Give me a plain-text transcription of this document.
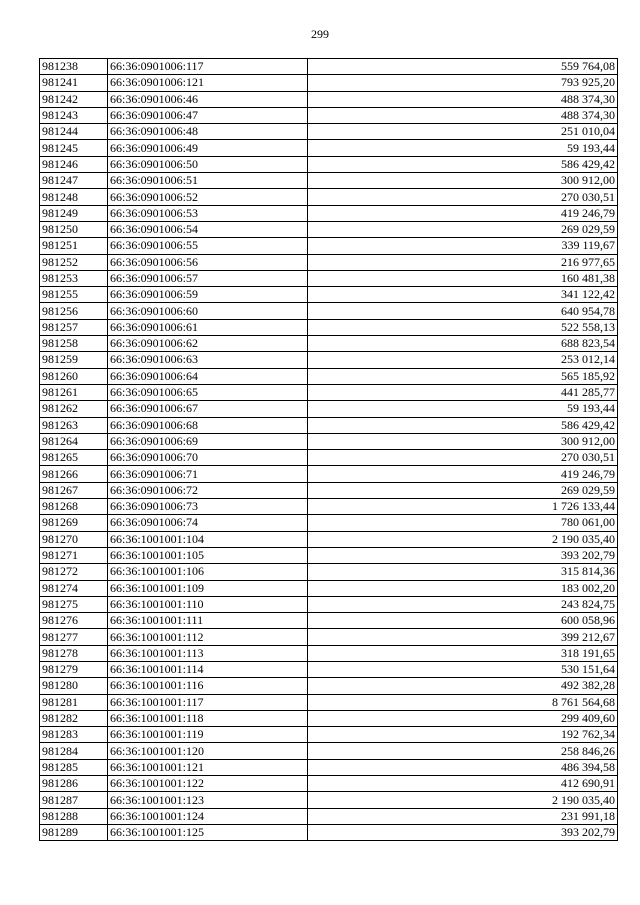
299
981238	66:36:0901006:117	559 764,08
981241	66:36:0901006:121	793 925,20
981242	66:36:0901006:46	488 374,30
981243	66:36:0901006:47	488 374,30
981244	66:36:0901006:48	251 010,04
981245	66:36:0901006:49	59 193,44
981246	66:36:0901006:50	586 429,42
981247	66:36:0901006:51	300 912,00
981248	66:36:0901006:52	270 030,51
981249	66:36:0901006:53	419 246,79
981250	66:36:0901006:54	269 029,59
981251	66:36:0901006:55	339 119,67
981252	66:36:0901006:56	216 977,65
981253	66:36:0901006:57	160 481,38
981255	66:36:0901006:59	341 122,42
981256	66:36:0901006:60	640 954,78
981257	66:36:0901006:61	522 558,13
981258	66:36:0901006:62	688 823,54
981259	66:36:0901006:63	253 012,14
981260	66:36:0901006:64	565 185,92
981261	66:36:0901006:65	441 285,77
981262	66:36:0901006:67	59 193,44
981263	66:36:0901006:68	586 429,42
981264	66:36:0901006:69	300 912,00
981265	66:36:0901006:70	270 030,51
981266	66:36:0901006:71	419 246,79
981267	66:36:0901006:72	269 029,59
981268	66:36:0901006:73	1 726 133,44
981269	66:36:0901006:74	780 061,00
981270	66:36:1001001:104	2 190 035,40
981271	66:36:1001001:105	393 202,79
981272	66:36:1001001:106	315 814,36
981274	66:36:1001001:109	183 002,20
981275	66:36:1001001:110	243 824,75
981276	66:36:1001001:111	600 058,96
981277	66:36:1001001:112	399 212,67
981278	66:36:1001001:113	318 191,65
981279	66:36:1001001:114	530 151,64
981280	66:36:1001001:116	492 382,28
981281	66:36:1001001:117	8 761 564,68
981282	66:36:1001001:118	299 409,60
981283	66:36:1001001:119	192 762,34
981284	66:36:1001001:120	258 846,26
981285	66:36:1001001:121	486 394,58
981286	66:36:1001001:122	412 690,91
981287	66:36:1001001:123	2 190 035,40
981288	66:36:1001001:124	231 991,18
981289	66:36:1001001:125	393 202,79
